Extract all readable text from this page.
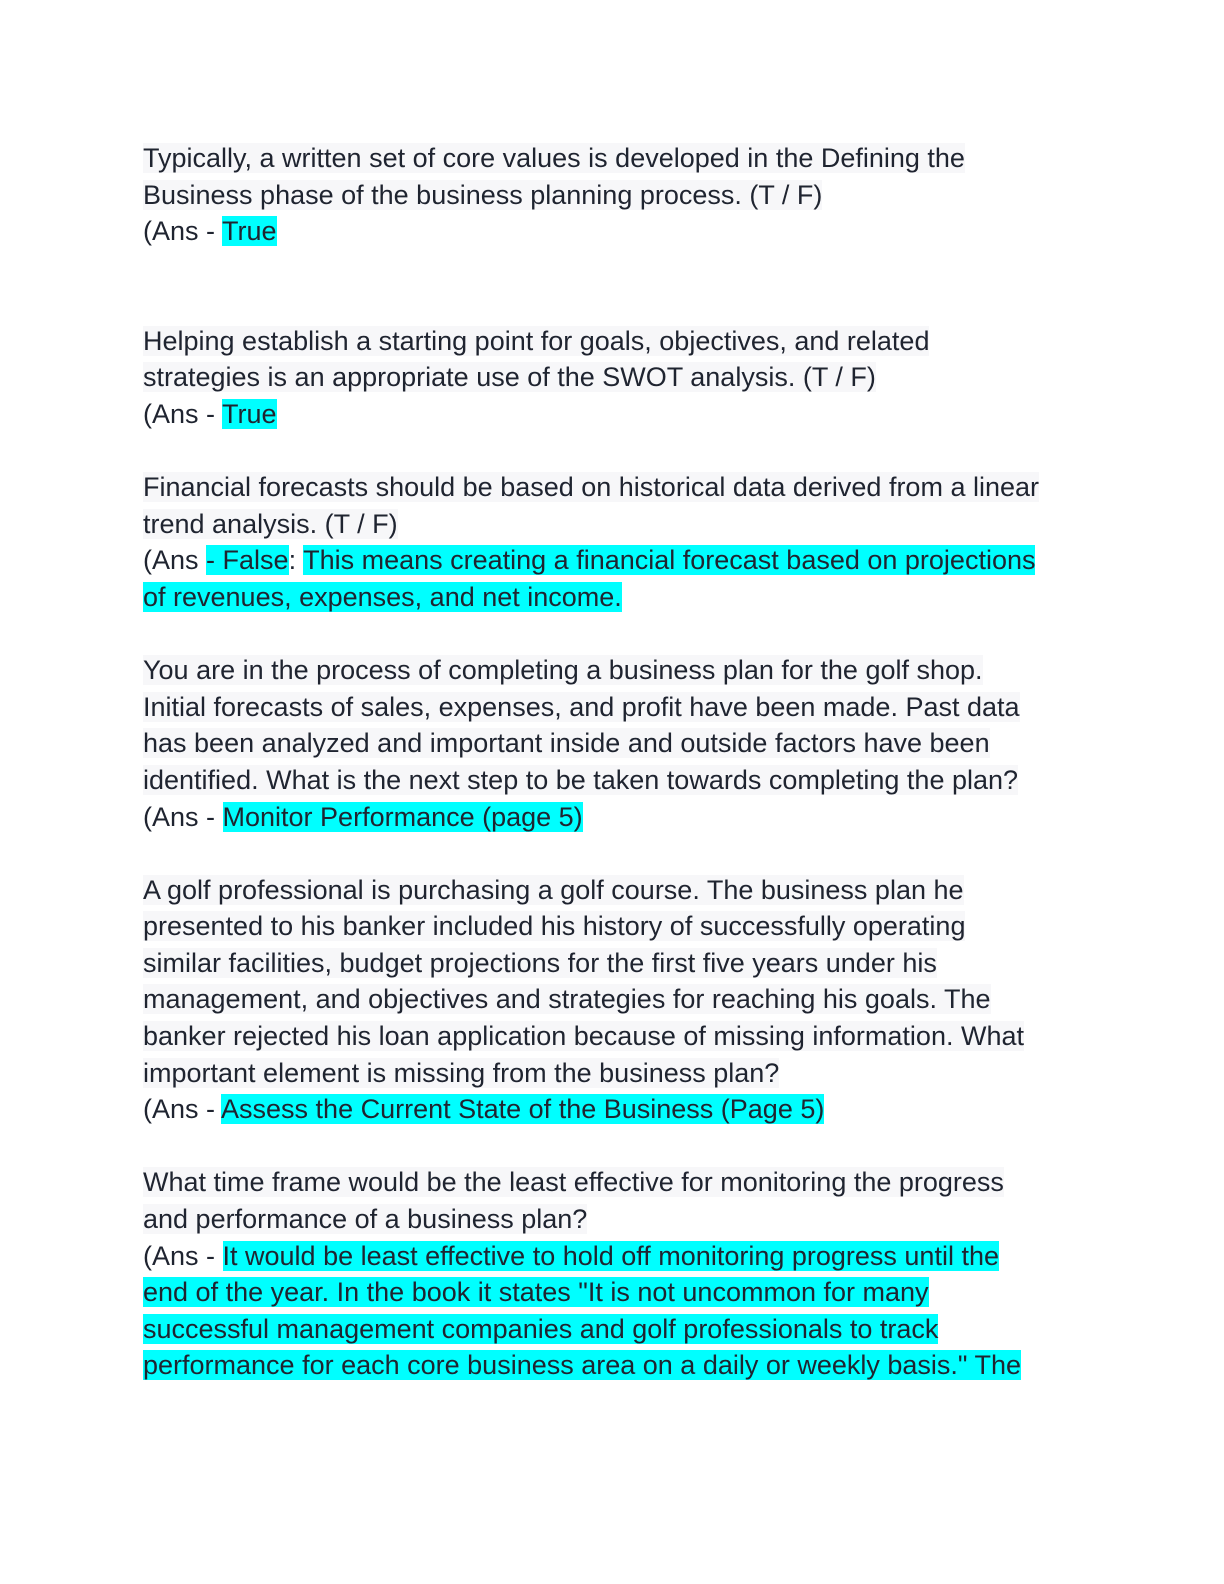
Typically, a written set of core values is developed in the Defining the
Business phase of the business planning process. (T / F)
(Ans - True
Helping establish a starting point for goals, objectives, and related
strategies is an appropriate use of the SWOT analysis. (T / F)
(Ans - True
Financial forecasts should be based on historical data derived from a linear
trend analysis. (T / F)
(Ans - False: This means creating a financial forecast based on projections
of revenues, expenses, and net income.
You are in the process of completing a business plan for the golf shop.
Initial forecasts of sales, expenses, and profit have been made. Past data
has been analyzed and important inside and outside factors have been
identified. What is the next step to be taken towards completing the plan?
(Ans - Monitor Performance (page 5)
A golf professional is purchasing a golf course. The business plan he
presented to his banker included his history of successfully operating
similar facilities, budget projections for the first five years under his
management, and objectives and strategies for reaching his goals. The
banker rejected his loan application because of missing information. What
important element is missing from the business plan?
(Ans - Assess the Current State of the Business (Page 5)
What time frame would be the least effective for monitoring the progress
and performance of a business plan?
(Ans - It would be least effective to hold off monitoring progress until the
end of the year. In the book it states "It is not uncommon for many
successful management companies and golf professionals to track
performance for each core business area on a daily or weekly basis." The
